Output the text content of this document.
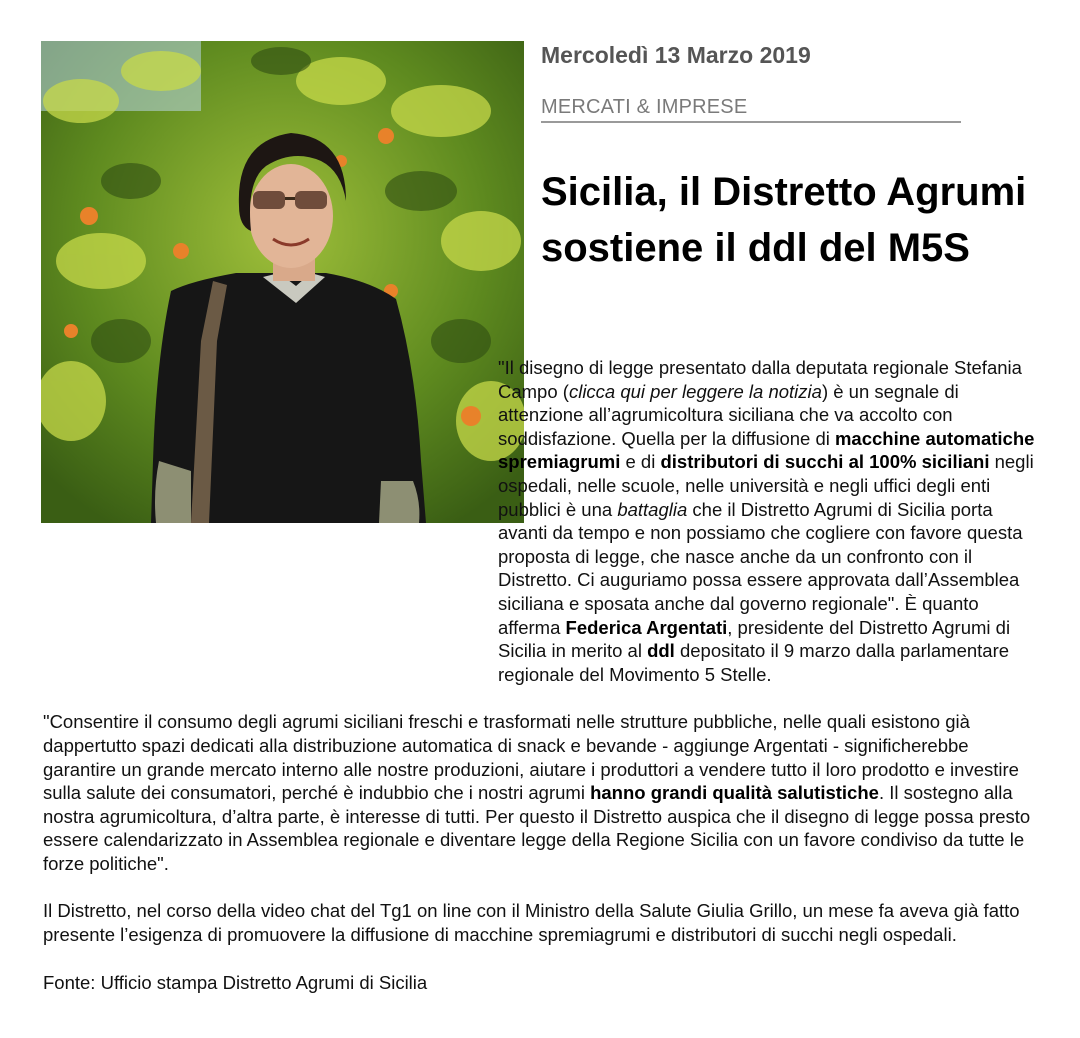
Mercoledì 13 Marzo 2019
MERCATI & IMPRESE
Sicilia, il Distretto Agrumi sostiene il ddl del M5S

"Il disegno di legge presentato dalla deputata regionale Stefania Campo (clicca qui per leggere la notizia) è un segnale di attenzione all’agrumicoltura siciliana che va accolto con soddisfazione. Quella per la diffusione di macchine automatiche spremiagrumi e di distributori di succhi al 100% siciliani negli ospedali, nelle scuole, nelle università e negli uffici degli enti pubblici è una battaglia che il Distretto Agrumi di Sicilia porta avanti da tempo e non possiamo che cogliere con favore questa proposta di legge, che nasce anche da un confronto con il Distretto. Ci auguriamo possa essere approvata dall’Assemblea siciliana e sposata anche dal governo regionale". È quanto afferma Federica Argentati, presidente del Distretto Agrumi di Sicilia in merito al ddl depositato il 9 marzo dalla parlamentare regionale del Movimento 5 Stelle.

"Consentire il consumo degli agrumi siciliani freschi e trasformati nelle strutture pubbliche, nelle quali esistono già dappertutto spazi dedicati alla distribuzione automatica di snack e bevande - aggiunge Argentati - significherebbe garantire un grande mercato interno alle nostre produzioni, aiutare i produttori a vendere tutto il loro prodotto e investire sulla salute dei consumatori, perché è indubbio che i nostri agrumi hanno grandi qualità salutistiche. Il sostegno alla nostra agrumicoltura, d’altra parte, è interesse di tutti. Per questo il Distretto auspica che il disegno di legge possa presto essere calendarizzato in Assemblea regionale e diventare legge della Regione Sicilia con un favore condiviso da tutte le forze politiche".

Il Distretto, nel corso della video chat del Tg1 on line con il Ministro della Salute Giulia Grillo, un mese fa aveva già fatto presente l’esigenza di promuovere la diffusione di macchine spremiagrumi e distributori di succhi negli ospedali.

Fonte: Ufficio stampa Distretto Agrumi di Sicilia
